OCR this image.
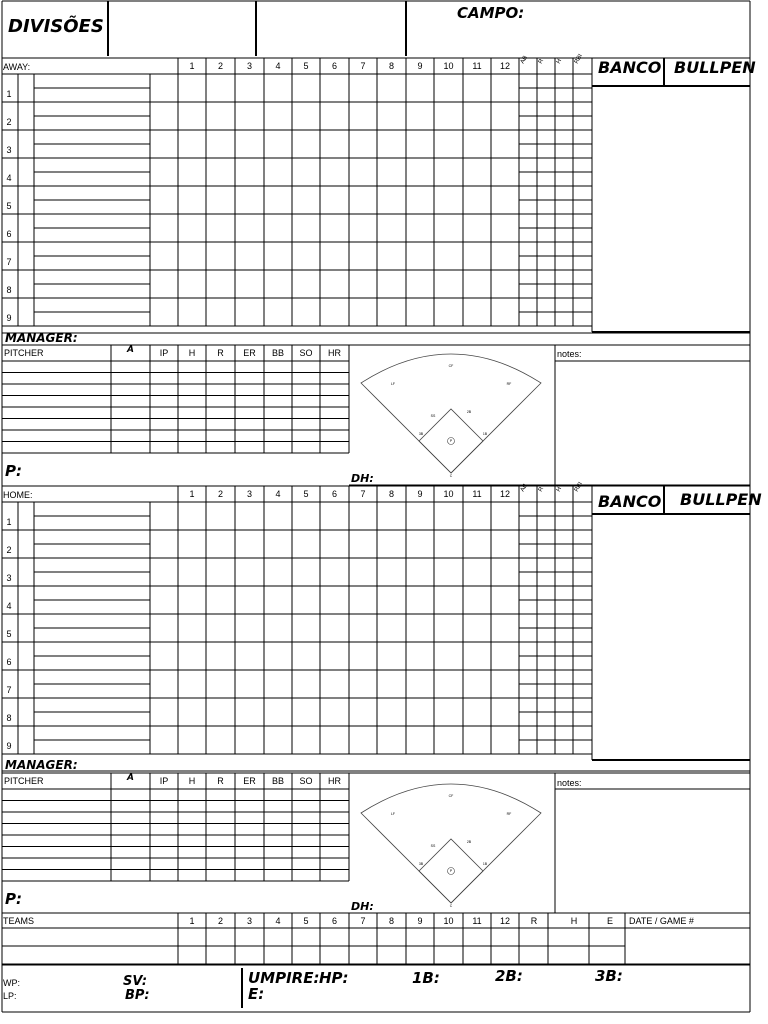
DIVISÕES
CAMPO:
AWAY:	1	2	3	4	5	6	7	8	9	10	11	12
AB R H RBI BANCO BULLPEN
1
2
3
4
5
6
7
8
9
MANAGER:
PITCHER	A	IP	H	R	ER	BB	SO	HR	notes:
P:	DH:
HOME:	1	2	3	4	5	6	7	8	9	10	11	12
AB R H RBI
BANCO BULLPEN
1
2
3
4
5
6
7
8
9
MANAGER:
PITCHER	A	IP	H	R	ER	BB	SO	HR	notes:
P:	DH:
TEAMS	1	2	3	4	5	6	7	8	9	10	11	12	R	H	E	DATE / GAME #
WP:
LP:
SV:
BP:
UMPIRE: HP:	1B:	2B:	3B:
E:
CF
LF	RF
SS
2B
3B	1B
C
P
CF
LF	RF
SS
2B
3B	1B
C
P
